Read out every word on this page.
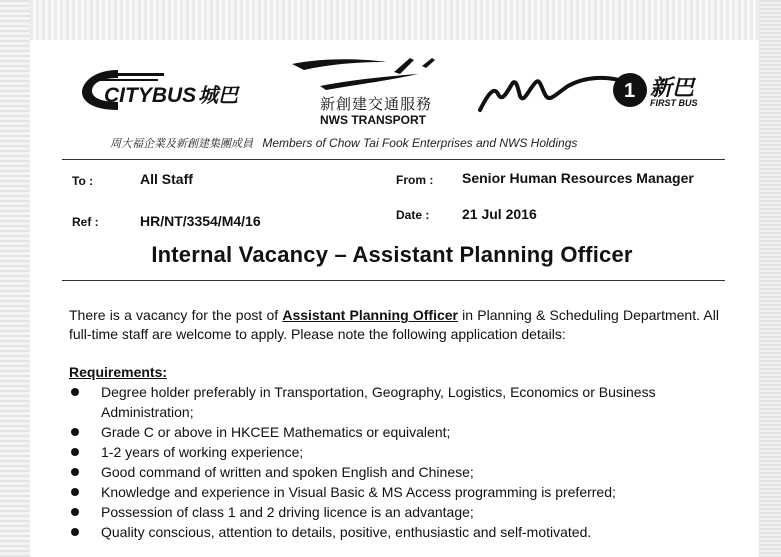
CITYBUS 城巴	新創建交通服務
NWS TRANSPORT
1 新巴
FIRST BUS
周大福企業及新創建集團成員 Members of Chow Tai Fook Enterprises and NWS Holdings
To :	All Staff	From : Senior Human Resources Manager
Ref :	HR/NT/3354/M4/16	Date : 21 Jul 2016
Internal Vacancy – Assistant Planning Officer

There is a vacancy for the post of Assistant Planning Officer in Planning & Scheduling Department. All full-time staff are welcome to apply. Please note the following application details:

Requirements:
Degree holder preferably in Transportation, Geography, Logistics, Economics or Business Administration;
Grade C or above in HKCEE Mathematics or equivalent;
1-2 years of working experience;
Good command of written and spoken English and Chinese;
Knowledge and experience in Visual Basic & MS Access programming is preferred;
Possession of class 1 and 2 driving licence is an advantage;
Quality conscious, attention to details, positive, enthusiastic and self-motivated.
